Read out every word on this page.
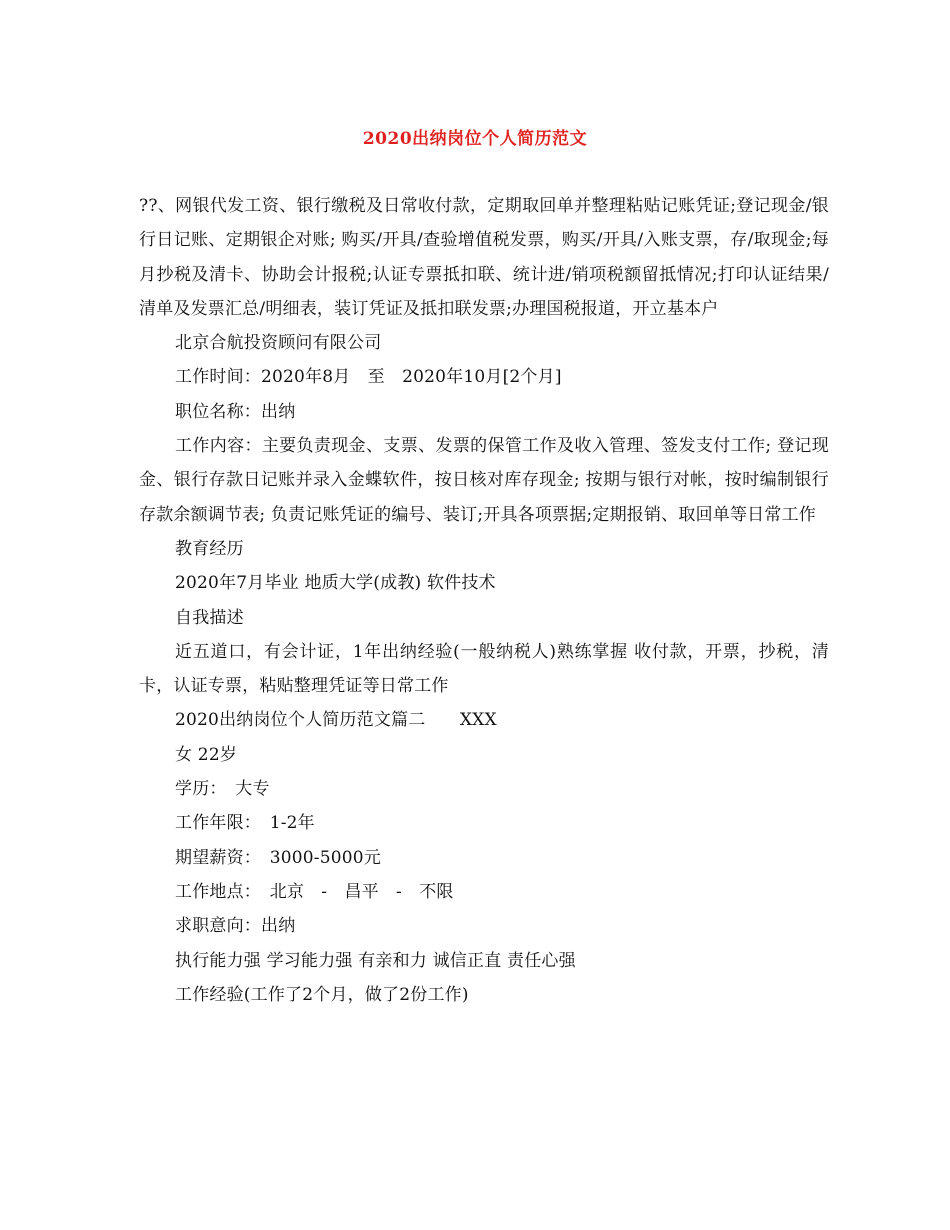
2020出纳岗位个人简历范文

??、网银代发工资、银行缴税及日常收付款，定期取回单并整理粘贴记账凭证;登记现金/银行日记账、定期银企对账; 购买/开具/查验增值税发票，购买/开具/入账支票，存/取现金;每月抄税及清卡、协助会计报税;认证专票抵扣联、统计进/销项税额留抵情况;打印认证结果/清单及发票汇总/明细表，装订凭证及抵扣联发票;办理国税报道，开立基本户

北京合航投资顾问有限公司

工作时间：2020年8月　至　2020年10月[2个月]

职位名称：出纳

工作内容：主要负责现金、支票、发票的保管工作及收入管理、签发支付工作; 登记现金、银行存款日记账并录入金蝶软件，按日核对库存现金; 按期与银行对帐，按时编制银行存款余额调节表; 负责记账凭证的编号、装订;开具各项票据;定期报销、取回单等日常工作

教育经历

2020年7月毕业 地质大学(成教) 软件技术

自我描述

近五道口，有会计证，1年出纳经验(一般纳税人)熟练掌握 收付款，开票，抄税，清卡，认证专票，粘贴整理凭证等日常工作

2020出纳岗位个人简历范文篇二　　XXX

女 22岁

学历：　大专

工作年限：　1-2年

期望薪资：　3000-5000元

工作地点：　北京　-　昌平　-　不限

求职意向：出纳

执行能力强 学习能力强 有亲和力 诚信正直 责任心强

工作经验(工作了2个月，做了2份工作)
